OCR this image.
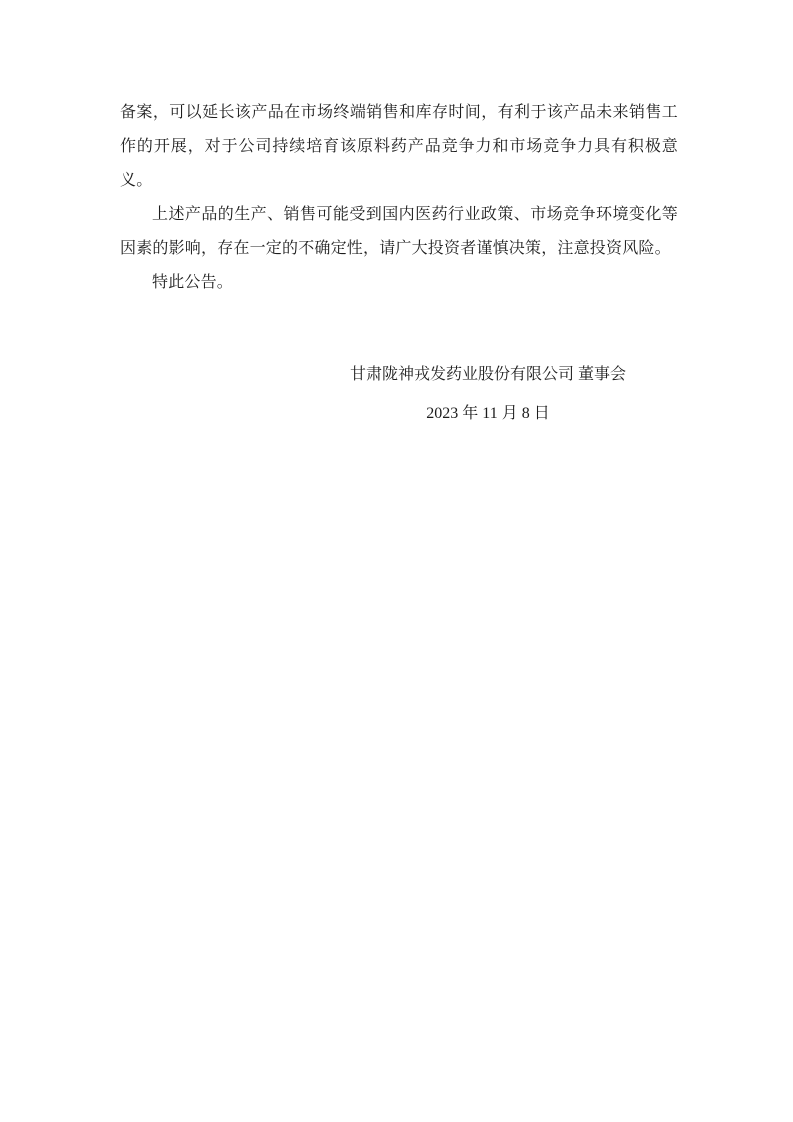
备案，可以延长该产品在市场终端销售和库存时间，有利于该产品未来销售工作的开展，对于公司持续培育该原料药产品竞争力和市场竞争力具有积极意义。

上述产品的生产、销售可能受到国内医药行业政策、市场竞争环境变化等因素的影响，存在一定的不确定性，请广大投资者谨慎决策，注意投资风险。

特此公告。

甘肃陇神戎发药业股份有限公司 董事会

2023 年 11 月 8 日
